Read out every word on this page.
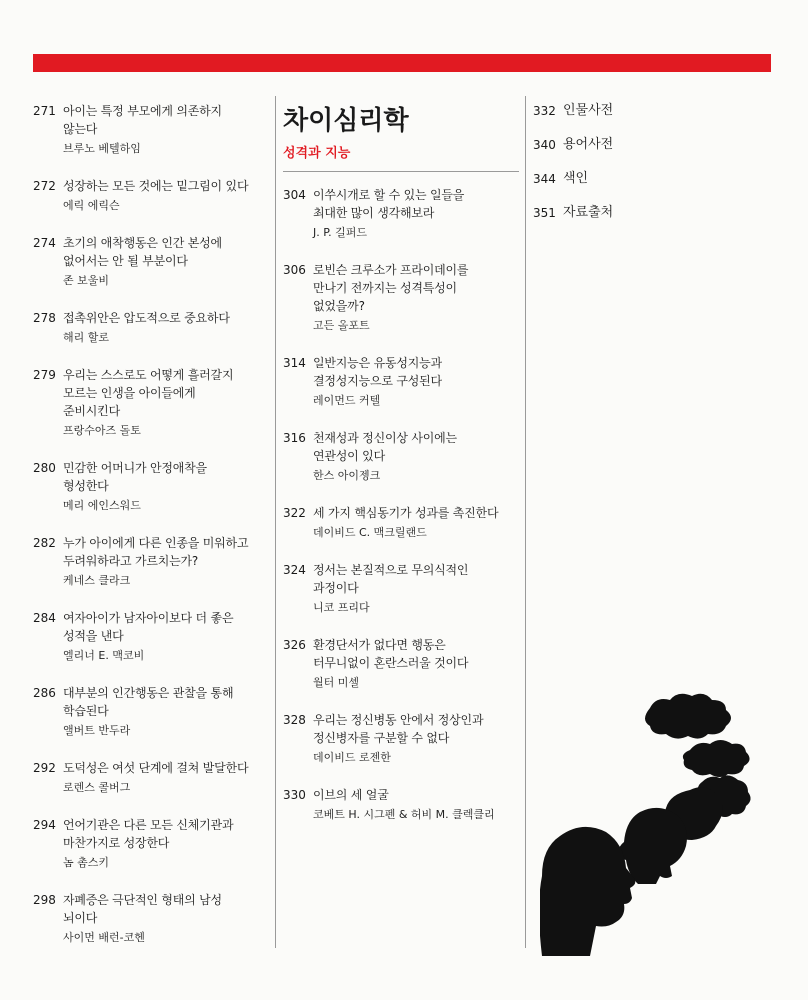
271 아이는 특정 부모에게 의존하지
않는다
브루노 베텔하임
272 성장하는 모든 것에는 밑그림이 있다
에릭 에릭슨
274 초기의 애착행동은 인간 본성에
없어서는 안 될 부분이다
존 보울비
278 접촉위안은 압도적으로 중요하다
해리 할로
279 우리는 스스로도 어떻게 흘러갈지
모르는 인생을 아이들에게
준비시킨다
프랑수아즈 돌토
280 민감한 어머니가 안정애착을
형성한다
메리 에인스워드
282 누가 아이에게 다른 인종을 미워하고
두려워하라고 가르치는가?
케네스 클라크
284 여자아이가 남자아이보다 더 좋은
성적을 낸다
엘리너 E. 맥코비
286 대부분의 인간행동은 관찰을 통해
학습된다
앨버트 반두라
292 도덕성은 여섯 단계에 걸쳐 발달한다
로렌스 콜버그
294 언어기관은 다른 모든 신체기관과
마찬가지로 성장한다
놈 촘스키
298 자폐증은 극단적인 형태의 남성
뇌이다
사이먼 배런-코헨
차이심리학
성격과 지능
304 이쑤시개로 할 수 있는 일들을
최대한 많이 생각해보라
J. P. 길퍼드
306 로빈슨 크루소가 프라이데이를
만나기 전까지는 성격특성이
없었을까?
고든 올포트
314 일반지능은 유동성지능과
결정성지능으로 구성된다
레이먼드 커텔
316 천재성과 정신이상 사이에는
연관성이 있다
한스 아이젱크
322 세 가지 핵심동기가 성과를 촉진한다
데이비드 C. 맥크릴랜드
324 정서는 본질적으로 무의식적인
과정이다
니코 프리다
326 환경단서가 없다면 행동은
터무니없이 혼란스러울 것이다
월터 미셸
328 우리는 정신병동 안에서 정상인과
정신병자를 구분할 수 없다
데이비드 로젠한
330 이브의 세 얼굴
코베트 H. 시그펜 & 허비 M. 클렉클리
332 인물사전
340 용어사전
344 색인
351 자료출처
